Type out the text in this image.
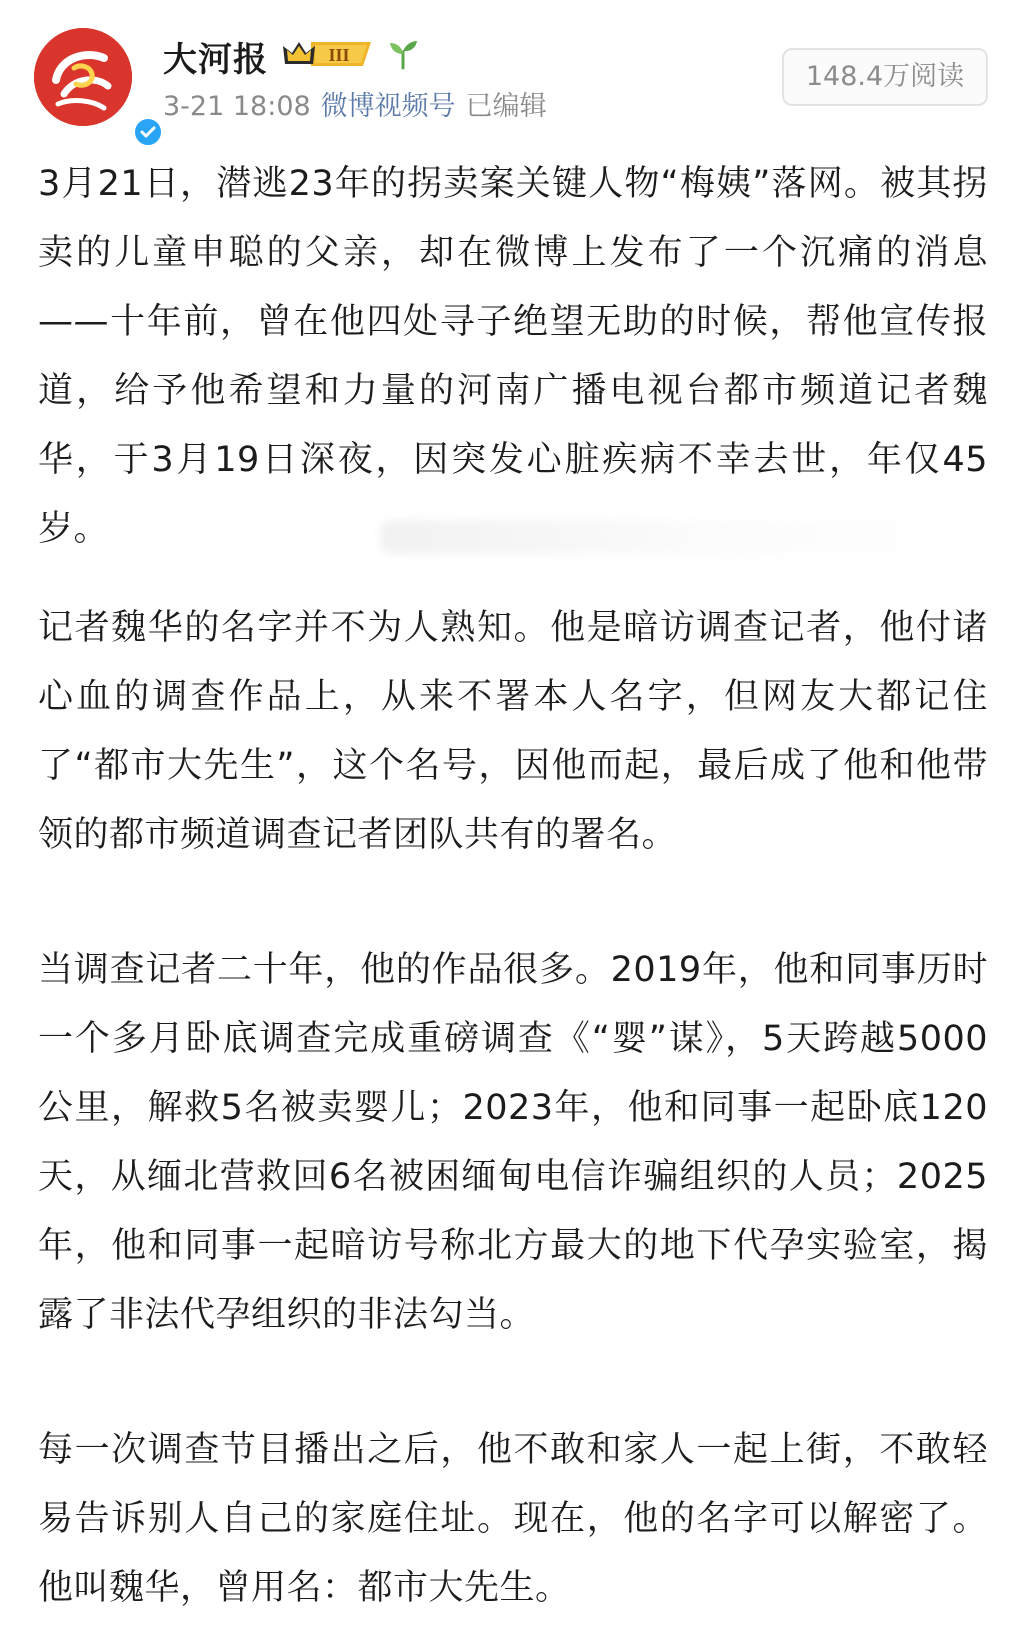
大河报	III
3-21 18:08 微博视频号 已编辑
148.4万阅读

3月21日，潜逃23年的拐卖案关键人物“梅姨”落网。被其拐卖的儿童申聪的父亲，却在微博上发布了一个沉痛的消息——十年前，曾在他四处寻子绝望无助的时候，帮他宣传报道，给予他希望和力量的河南广播电视台都市频道记者魏华，于3月19日深夜，因突发心脏疾病不幸去世，年仅45岁。

记者魏华的名字并不为人熟知。他是暗访调查记者，他付诸心血的调查作品上，从来不署本人名字，但网友大都记住了“都市大先生”，这个名号，因他而起，最后成了他和他带领的都市频道调查记者团队共有的署名。

当调查记者二十年，他的作品很多。2019年，他和同事历时一个多月卧底调查完成重磅调查《“婴”谋》，5天跨越5000公里，解救5名被卖婴儿；2023年，他和同事一起卧底120天，从缅北营救回6名被困缅甸电信诈骗组织的人员；2025年，他和同事一起暗访号称北方最大的地下代孕实验室，揭露了非法代孕组织的非法勾当。

每一次调查节目播出之后，他不敢和家人一起上街，不敢轻易告诉别人自己的家庭住址。现在，他的名字可以解密了。他叫魏华，曾用名：都市大先生。
